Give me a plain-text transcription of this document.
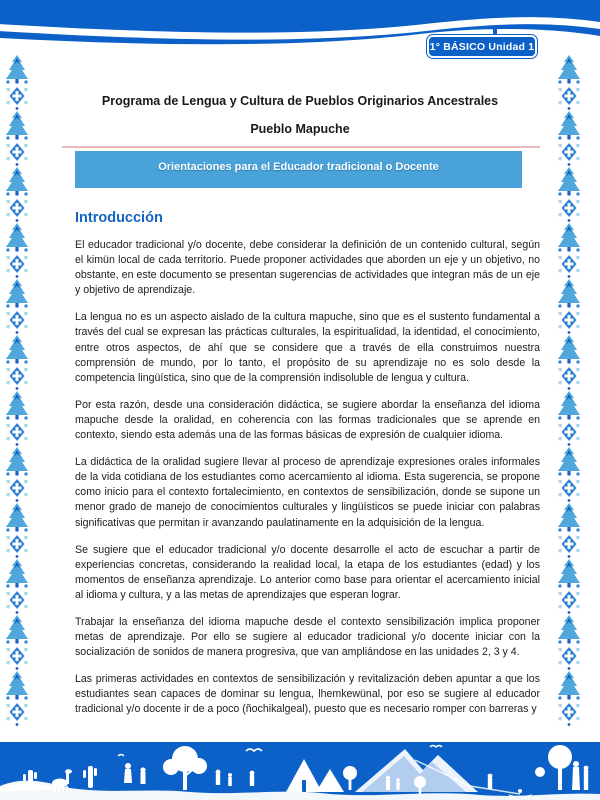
1° BÁSICO Unidad 1
Programa de Lengua y Cultura de Pueblos Originarios Ancestrales
Pueblo Mapuche
Orientaciones para el Educador tradicional o Docente
Introducción

El educador tradicional y/o docente, debe considerar la definición de un contenido cultural, según el kimün local de cada territorio. Puede proponer actividades que aborden un eje y un objetivo, no obstante, en este documento se presentan sugerencias de actividades que integran más de un eje y objetivo de aprendizaje.

La lengua no es un aspecto aislado de la cultura mapuche, sino que es el sustento fundamental a través del cual se expresan las prácticas culturales, la espiritualidad, la identidad, el conocimiento, entre otros aspectos, de ahí que se considere que a través de ella construimos nuestra comprensión de mundo, por lo tanto, el propósito de su aprendizaje no es solo desde la competencia lingüística, sino que de la comprensión indisoluble de lengua y cultura.

Por esta razón, desde una consideración didáctica, se sugiere abordar la enseñanza del idioma mapuche desde la oralidad, en coherencia con las formas tradicionales que se aprende en contexto, siendo esta además una de las formas básicas de expresión de cualquier idioma.

La didáctica de la oralidad sugiere llevar al proceso de aprendizaje expresiones orales informales de la vida cotidiana de los estudiantes como acercamiento al idioma. Esta sugerencia, se propone como inicio para el contexto fortalecimiento, en contextos de sensibilización, donde se supone un menor grado de manejo de conocimientos culturales y lingüísticos se puede iniciar con palabras significativas que permitan ir avanzando paulatinamente en la adquisición de la lengua.

Se sugiere que el educador tradicional y/o docente desarrolle el acto de escuchar a partir de experiencias concretas, considerando la realidad local, la etapa de los estudiantes (edad) y los momentos de enseñanza aprendizaje. Lo anterior como base para orientar el acercamiento inicial al idioma y cultura, y a las metas de aprendizajes que esperan lograr.

Trabajar la enseñanza del idioma mapuche desde el contexto sensibilización implica proponer metas de aprendizaje. Por ello se sugiere al educador tradicional y/o docente iniciar con la socialización de sonidos de manera progresiva, que van ampliándose en las unidades 2, 3 y 4.

Las primeras actividades en contextos de sensibilización y revitalización deben apuntar a que los estudiantes sean capaces de dominar su lengua, lhemkewünal, por eso se sugiere al educador tradicional y/o docente ir de a poco (ñochikalgeal), puesto que es necesario romper con barreras y
